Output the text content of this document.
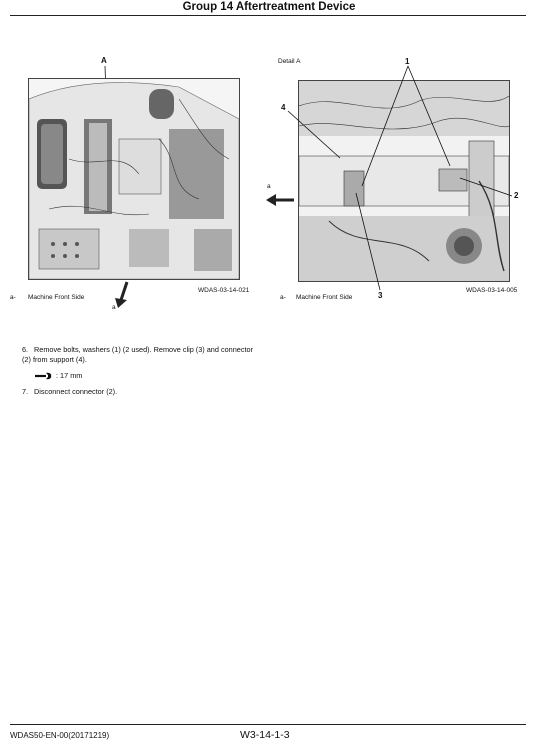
Group 14 Aftertreatment Device
A
a
a- Machine Front Side
WDAS-03-14-021
Detail A	1
4
2
3
a
a- Machine Front Side
WDAS-03-14-005
6. Remove bolts, washers (1) (2 used). Remove clip (3) and connector (2) from support (4).
: 17 mm
7. Disconnect connector (2).
WDAS50-EN-00(20171219)	W3-14-1-3
